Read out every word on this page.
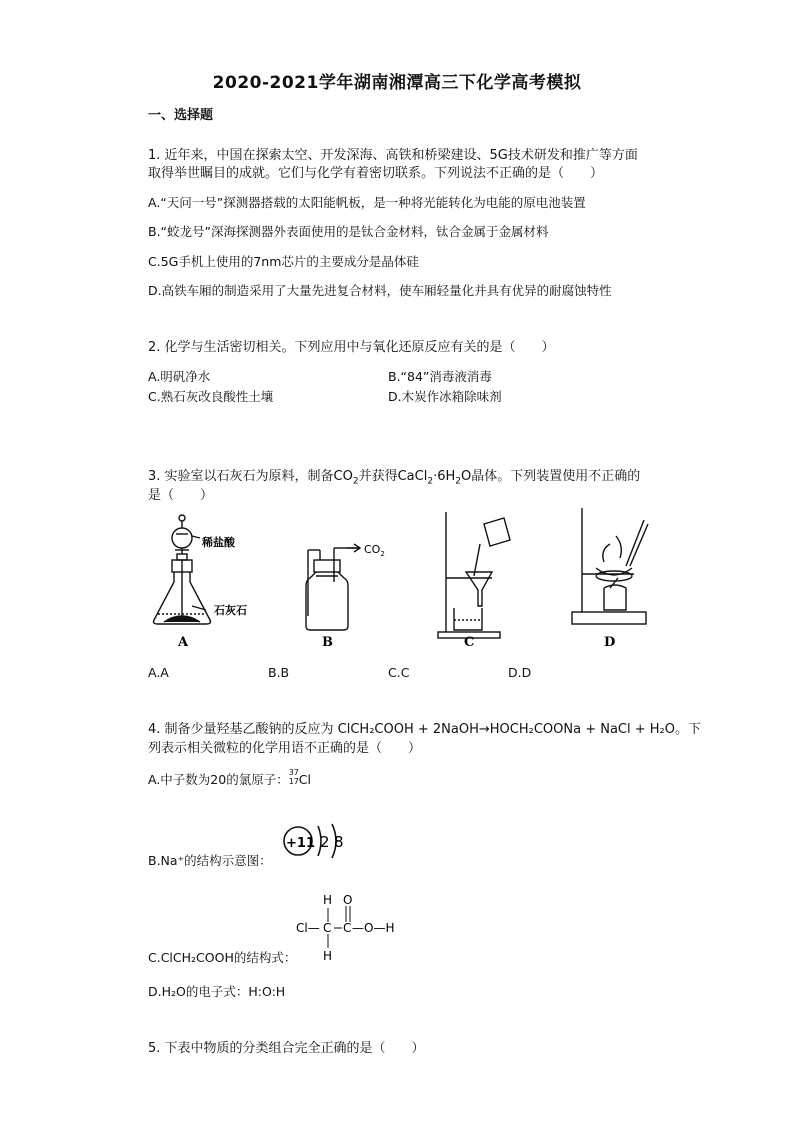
2020-2021学年湖南湘潭高三下化学高考模拟
一、选择题
1. 近年来，中国在探索太空、开发深海、高铁和桥梁建设、5G技术研发和推广等方面
取得举世瞩目的成就。它们与化学有着密切联系。下列说法不正确的是（　　）
A.“天问一号”探测器搭载的太阳能帆板，是一种将光能转化为电能的原电池装置
B.“蛟龙号”深海探测器外表面使用的是钛合金材料，钛合金属于金属材料
C.5G手机上使用的7nm芯片的主要成分是晶体硅
D.高铁车厢的制造采用了大量先进复合材料，使车厢轻量化并具有优异的耐腐蚀特性
2. 化学与生活密切相关。下列应用中与氧化还原反应有关的是（　　）
A.明矾净水	B.“84”消毒液消毒
C.熟石灰改良酸性土壤	D.木炭作冰箱除味剂
3. 实验室以石灰石为原料，制备$CO_2$并获得$CaCl_2\cdot 6H_2O$晶体。下列装置使用不正确的
是（　　）
稀盐酸
石灰石
$CO_2$
A	B	C	D
A.A	B.B	C.C	D.D
4. 制备少量羟基乙酸钠的反应为 ClCH₂COOH + 2NaOH→HOCH₂COONa + NaCl + H₂O。下
列表示相关微粒的化学用语不正确的是（　　）
A.中子数为20的氯原子： 37
17 Cl
+11 2 8
B.Na⁺的结构示意图：
H O
Cl— C C —O—H
H
C.ClCH₂COOH的结构式：
D.H₂O的电子式：H:O:H
5. 下表中物质的分类组合完全正确的是（　　）
